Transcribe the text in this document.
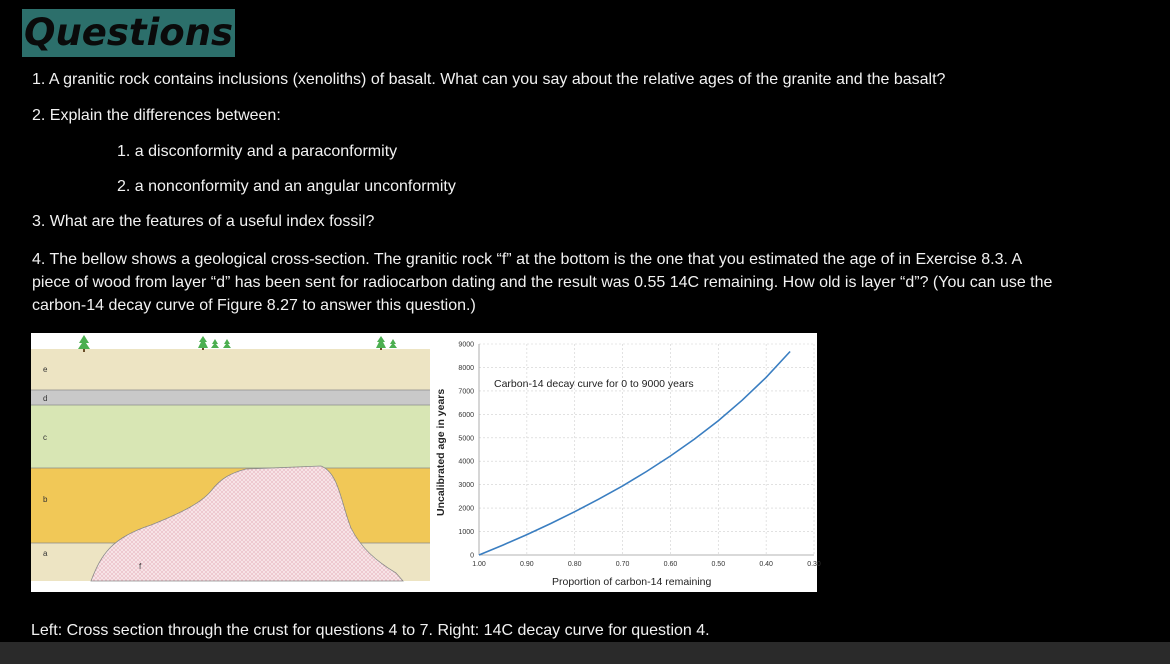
Questions
1. A granitic rock contains inclusions (xenoliths) of basalt. What can you say about the relative ages of the granite and the basalt?
2. Explain the differences between:
1. a disconformity and a paraconformity
2. a nonconformity and an angular unconformity
3. What are the features of a useful index fossil?
4. The bellow shows a geological cross-section. The granitic rock “f” at the bottom is the one that you estimated the age of in Exercise 8.3. A piece of wood from layer “d” has been sent for radiocarbon dating and the result was 0.55 14C remaining. How old is layer “d”? (You can use the carbon-14 decay curve of Figure 8.27 to answer this question.)
e
d
c
b
a
f
0
1000
2000
3000
4000
5000
6000
7000
8000
9000
1.00	0.90	0.80	0.70	0.60	0.50	0.40	0.30
Carbon-14 decay curve for 0 to 9000 years
Proportion of carbon-14 remaining
Uncalibrated age in years
Left: Cross section through the crust for questions 4 to 7. Right: 14C decay curve for question 4.
